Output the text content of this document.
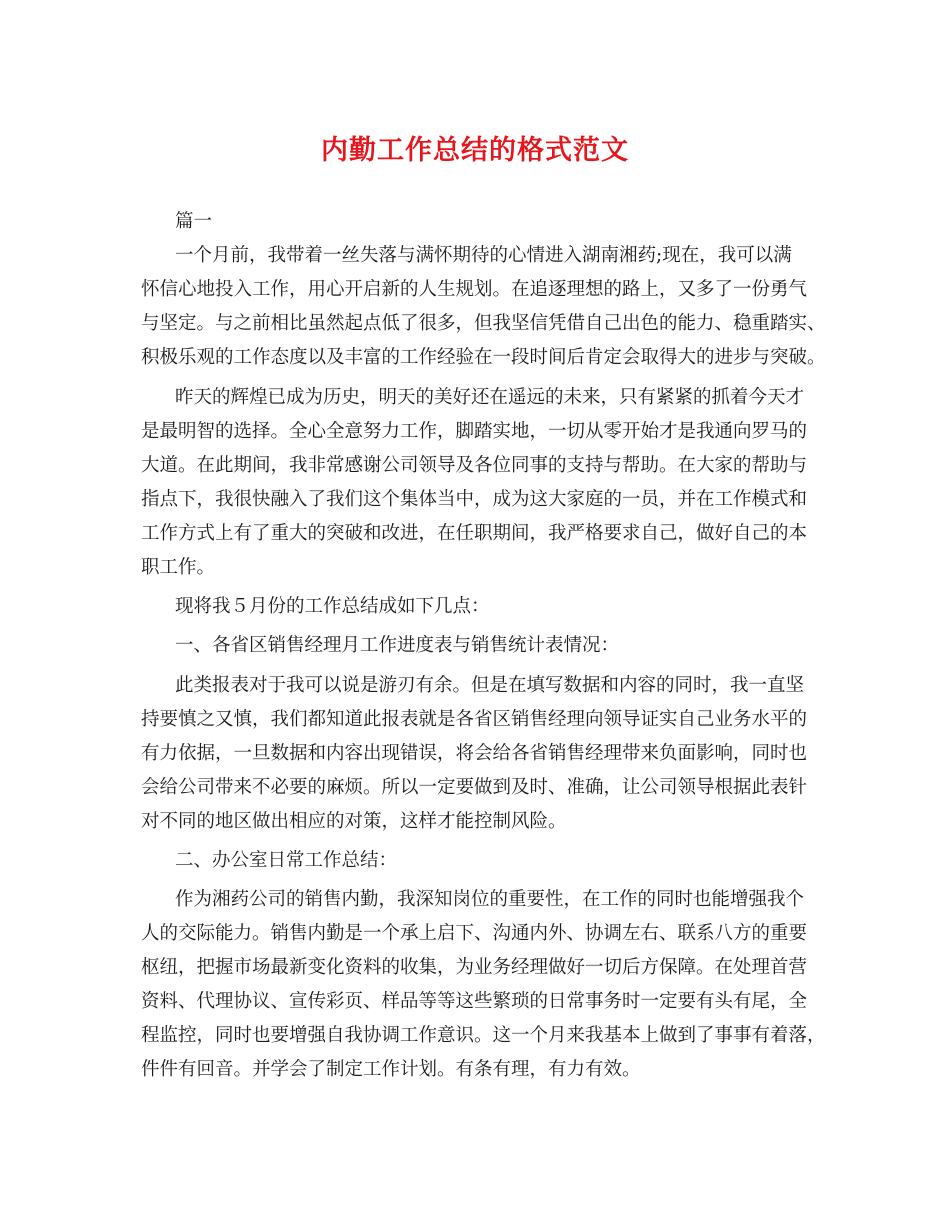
内勤工作总结的格式范文
篇一
一个月前，我带着一丝失落与满怀期待的心情进入湖南湘药;现在，我可以满
怀信心地投入工作，用心开启新的人生规划。在追逐理想的路上，又多了一份勇气
与坚定。与之前相比虽然起点低了很多，但我坚信凭借自己出色的能力、稳重踏实、
积极乐观的工作态度以及丰富的工作经验在一段时间后肯定会取得大的进步与突破。
昨天的辉煌已成为历史，明天的美好还在遥远的未来，只有紧紧的抓着今天才
是最明智的选择。全心全意努力工作，脚踏实地，一切从零开始才是我通向罗马的
大道。在此期间，我非常感谢公司领导及各位同事的支持与帮助。在大家的帮助与
指点下，我很快融入了我们这个集体当中，成为这大家庭的一员，并在工作模式和
工作方式上有了重大的突破和改进，在任职期间，我严格要求自己，做好自己的本
职工作。
现将我５月份的工作总结成如下几点：
一、各省区销售经理月工作进度表与销售统计表情况：
此类报表对于我可以说是游刃有余。但是在填写数据和内容的同时，我一直坚
持要慎之又慎，我们都知道此报表就是各省区销售经理向领导证实自己业务水平的
有力依据，一旦数据和内容出现错误，将会给各省销售经理带来负面影响，同时也
会给公司带来不必要的麻烦。所以一定要做到及时、准确，让公司领导根据此表针
对不同的地区做出相应的对策，这样才能控制风险。
二、办公室日常工作总结：
作为湘药公司的销售内勤，我深知岗位的重要性，在工作的同时也能增强我个
人的交际能力。销售内勤是一个承上启下、沟通内外、协调左右、联系八方的重要
枢纽，把握市场最新变化资料的收集，为业务经理做好一切后方保障。在处理首营
资料、代理协议、宣传彩页、样品等等这些繁琐的日常事务时一定要有头有尾，全
程监控，同时也要增强自我协调工作意识。这一个月来我基本上做到了事事有着落，
件件有回音。并学会了制定工作计划。有条有理，有力有效。
